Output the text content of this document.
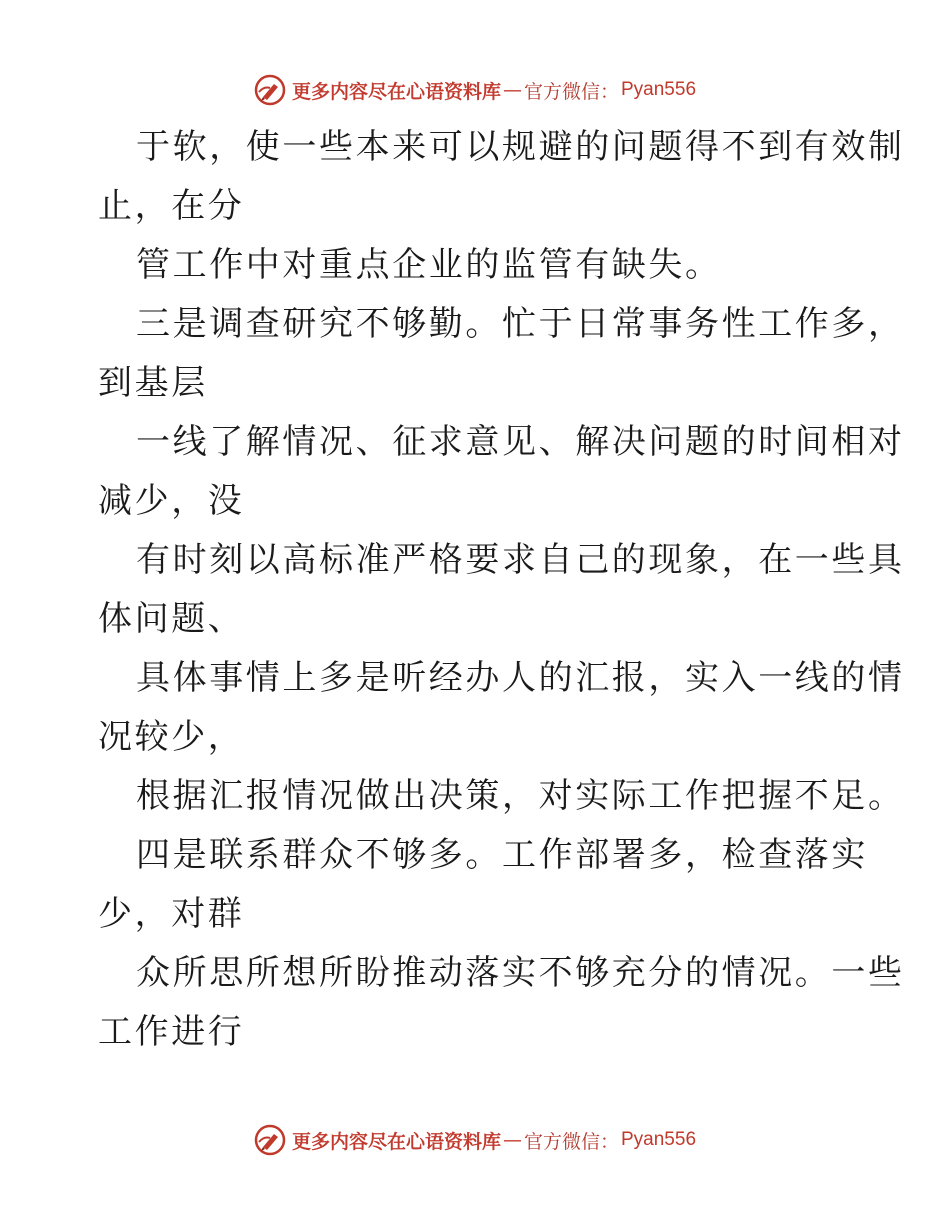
更多内容尽在心语资料库 — 官方微信： Pyan556
于软，使一些本来可以规避的问题得不到有效制
止，在分
管工作中对重点企业的监管有缺失。
三是调查研究不够勤。忙于日常事务性工作多，
到基层
一线了解情况、征求意见、解决问题的时间相对
减少，没
有时刻以高标准严格要求自己的现象，在一些具
体问题、
具体事情上多是听经办人的汇报，实入一线的情
况较少，
根据汇报情况做出决策，对实际工作把握不足。
四是联系群众不够多。工作部署多，检查落实
少，对群
众所思所想所盼推动落实不够充分的情况。一些
工作进行
更多内容尽在心语资料库 — 官方微信： Pyan556
